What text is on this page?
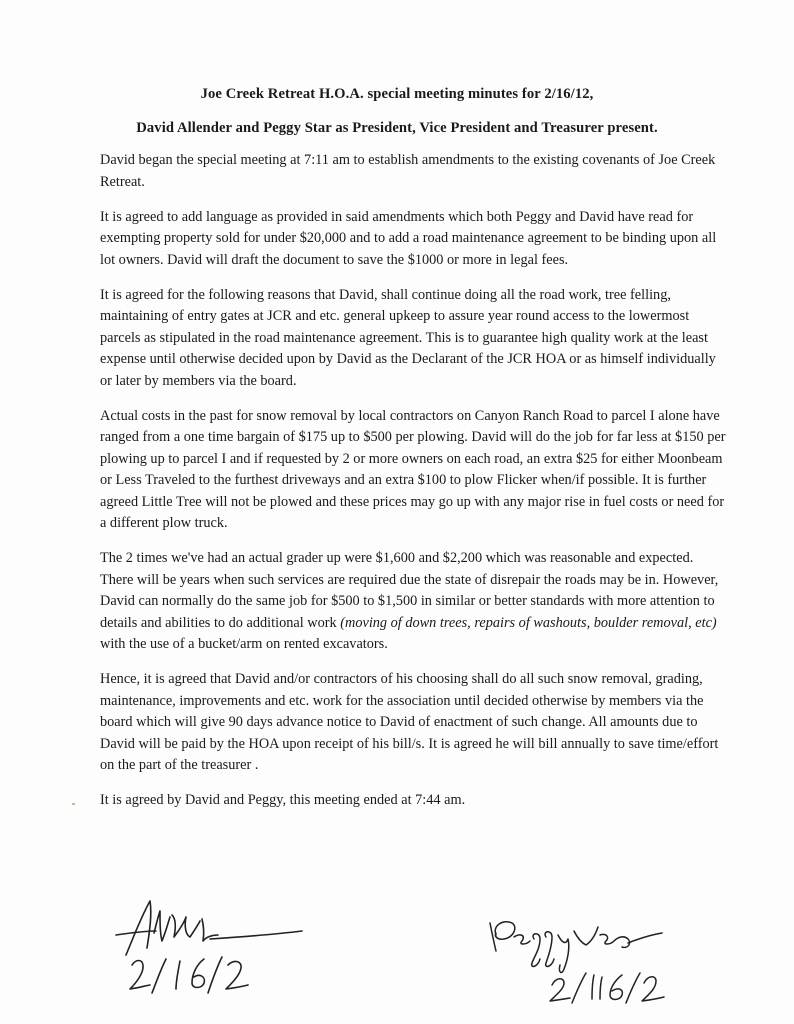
Joe Creek Retreat H.O.A. special meeting minutes for 2/16/12,
David Allender and Peggy Star as President, Vice President and Treasurer present.

David began the special meeting at 7:11 am to establish amendments to the existing covenants of Joe Creek Retreat.

It is agreed to add language as provided in said amendments which both Peggy and David have read for exempting property sold for under $20,000 and to add a road maintenance agreement to be binding upon all lot owners. David will draft the document to save the $1000 or more in legal fees.

It is agreed for the following reasons that David, shall continue doing all the road work, tree felling, maintaining of entry gates at JCR and etc. general upkeep to assure year round access to the lowermost parcels as stipulated in the road maintenance agreement. This is to guarantee high quality work at the least expense until otherwise decided upon by David as the Declarant of the JCR HOA or as himself individually or later by members via the board.

Actual costs in the past for snow removal by local contractors on Canyon Ranch Road to parcel I alone have ranged from a one time bargain of $175 up to $500 per plowing. David will do the job for far less at $150 per plowing up to parcel I and if requested by 2 or more owners on each road, an extra $25 for either Moonbeam or Less Traveled to the furthest driveways and an extra $100 to plow Flicker when/if possible. It is further agreed Little Tree will not be plowed and these prices may go up with any major rise in fuel costs or need for a different plow truck.

The 2 times we've had an actual grader up were $1,600 and $2,200 which was reasonable and expected. There will be years when such services are required due the state of disrepair the roads may be in. However, David can normally do the same job for $500 to $1,500 in similar or better standards with more attention to details and abilities to do additional work (moving of down trees, repairs of washouts, boulder removal, etc) with the use of a bucket/arm on rented excavators.

Hence, it is agreed that David and/or contractors of his choosing shall do all such snow removal, grading, maintenance, improvements and etc. work for the association until decided otherwise by members via the board which will give 90 days advance notice to David of enactment of such change. All amounts due to David will be paid by the HOA upon receipt of his bill/s. It is agreed he will bill annually to save time/effort on the part of the treasurer .

It is agreed by David and Peggy, this meeting ended at 7:44 am.
